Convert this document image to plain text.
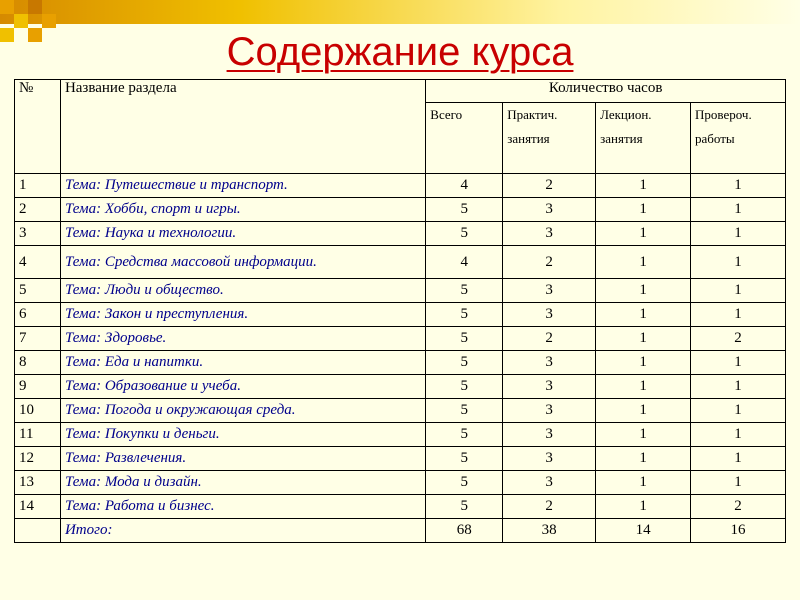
Содержание курса
№	Название раздела	Количество часов			
		Всего	Практич. занятия	Лекцион. занятия	Провероч. работы
1	Тема: Путешествие и транспорт.	4	2	1	1
2	Тема: Хобби, спорт и игры.	5	3	1	1
3	Тема: Наука и технологии.	5	3	1	1
4	Тема: Средства массовой информации.	4	2	1	1
5	Тема: Люди и общество.	5	3	1	1
6	Тема: Закон и преступления.	5	3	1	1
7	Тема: Здоровье.	5	2	1	2
8	Тема: Еда и напитки.	5	3	1	1
9	Тема: Образование и учеба.	5	3	1	1
10	Тема: Погода и окружающая среда.	5	3	1	1
11	Тема: Покупки и деньги.	5	3	1	1
12	Тема: Развлечения.	5	3	1	1
13	Тема: Мода и дизайн.	5	3	1	1
14	Тема: Работа и бизнес.	5	2	1	2
	Итого:	68	38	14	16
